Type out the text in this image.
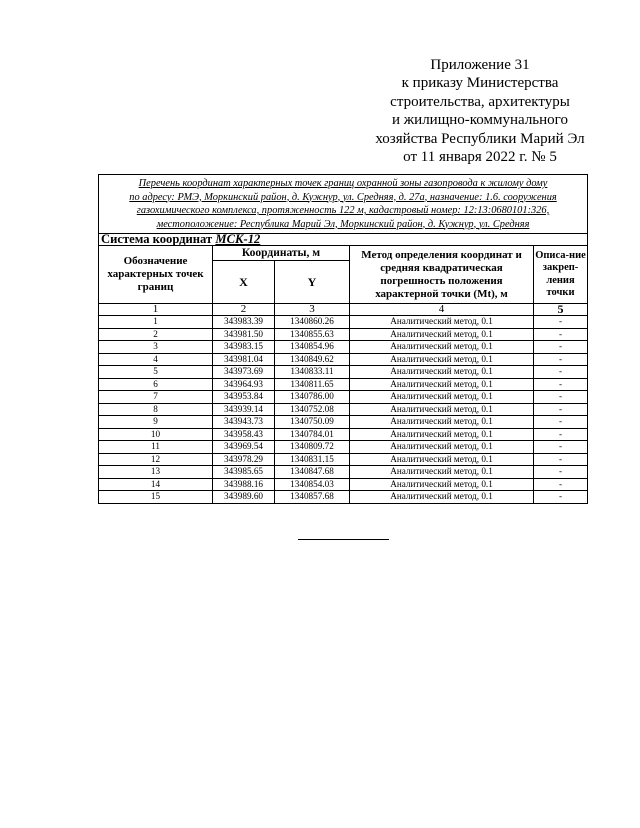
Приложение 31
к приказу Министерства
строительства, архитектуры
и жилищно-коммунального
хозяйства Республики Марий Эл
от 11 января 2022 г. № 5
Перечень координат характерных точек границ охранной зоны газопровода к жилому дому
по адресу: РМЭ, Моркинский район, д. Кужнур, ул. Средняя, д. 27а, назначение: 1.6. сооружения
газохимического комплекса, протяженность 122 м, кадастровый номер: 12:13:0680101:326,
местоположение: Республика Марий Эл, Моркинский район, д. Кужнур, ул. Средняя				

Система координат МСК-12				
Обозначение характерных точек границ	Координаты, м		Метод определения координат и средняя квадратическая погрешность положения характерной точки (Mt), м	Описа-ние закреп-ления точки
	X	Y		
1	2	3	4	5
1	343983.39	1340860.26	Аналитический метод, 0.1	-
2	343981.50	1340855.63	Аналитический метод, 0.1	-
3	343983.15	1340854.96	Аналитический метод, 0.1	-
4	343981.04	1340849.62	Аналитический метод, 0.1	-
5	343973.69	1340833.11	Аналитический метод, 0.1	-
6	343964.93	1340811.65	Аналитический метод, 0.1	-
7	343953.84	1340786.00	Аналитический метод, 0.1	-
8	343939.14	1340752.08	Аналитический метод, 0.1	-
9	343943.73	1340750.09	Аналитический метод, 0.1	-
10	343958.43	1340784.01	Аналитический метод, 0.1	-
11	343969.54	1340809.72	Аналитический метод, 0.1	-
12	343978.29	1340831.15	Аналитический метод, 0.1	-
13	343985.65	1340847.68	Аналитический метод, 0.1	-
14	343988.16	1340854.03	Аналитический метод, 0.1	-
15	343989.60	1340857.68	Аналитический метод, 0.1	-
